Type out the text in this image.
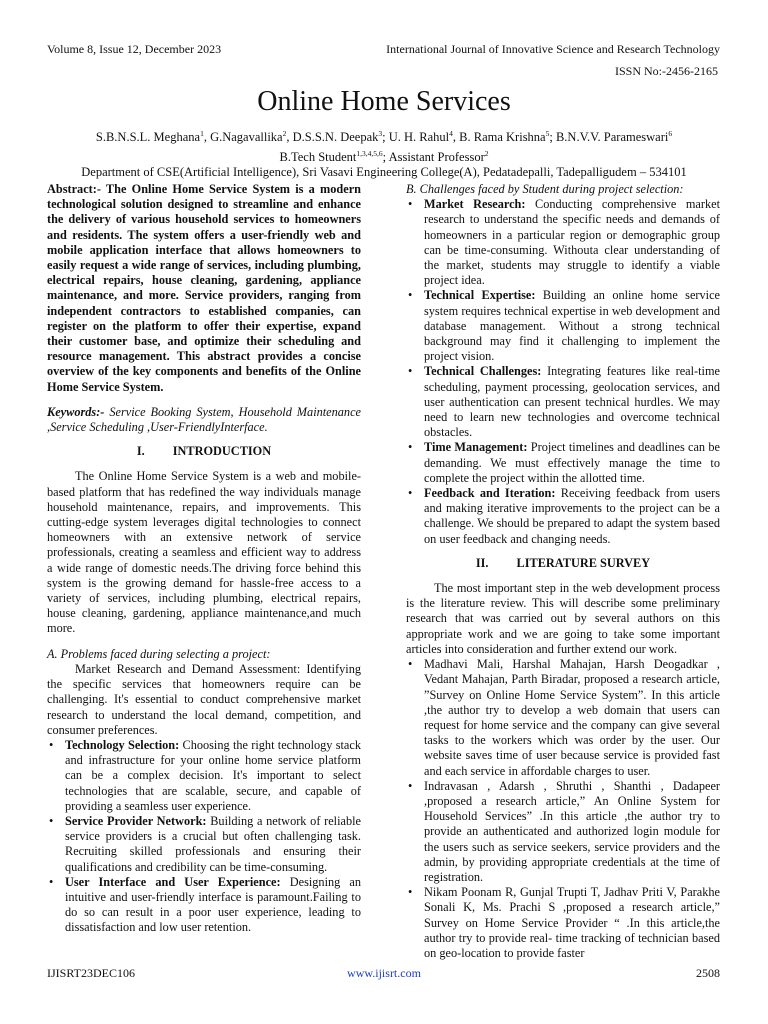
Volume 8, Issue 12, December 2023	International Journal of Innovative Science and Research Technology
ISSN No:-2456-2165
Online Home Services
S.B.N.S.L. Meghana$^1$, G.Nagavallika$^2$, D.S.S.N. Deepak$^3$; U. H. Rahul$^4$, B. Rama Krishna$^5$; B.N.V.V. Parameswari$^6$
B.Tech Student$^{1,3,4,5,6}$; Assistant Professor$^2$
Department of CSE(Artificial Intelligence), Sri Vasavi Engineering College(A), Pedatadepalli, Tadepalligudem – 534101

Abstract:- The Online Home Service System is a modern technological solution designed to streamline and enhance the delivery of various household services to homeowners and residents. The system offers a user-friendly web and mobile application interface that allows homeowners to easily request a wide range of services, including plumbing, electrical repairs, house cleaning, gardening, appliance maintenance, and more. Service providers, ranging from independent contractors to established companies, can register on the platform to offer their expertise, expand their customer base, and optimize their scheduling and resource management. This abstract provides a concise overview of the key components and benefits of the Online Home Service System.

Keywords:- Service Booking System, Household Maintenance ,Service Scheduling ,User-FriendlyInterface.

I. INTRODUCTION

The Online Home Service System is a web and mobile-based platform that has redefined the way individuals manage household maintenance, repairs, and improvements. This cutting-edge system leverages digital technologies to connect homeowners with an extensive network of service professionals, creating a seamless and efficient way to address a wide range of domestic needs.The driving force behind this system is the growing demand for hassle-free access to a variety of services, including plumbing, electrical repairs, house cleaning, gardening, appliance maintenance,and much more.

A. Problems faced during selecting a project:

Market Research and Demand Assessment: Identifying the specific services that homeowners require can be challenging. It's essential to conduct comprehensive market research to understand the local demand, competition, and consumer preferences.

• Technology Selection: Choosing the right technology stack and infrastructure for your online home service platform can be a complex decision. It's important to select technologies that are scalable, secure, and capable of providing a seamless user experience.
• Service Provider Network: Building a network of reliable service providers is a crucial but often challenging task. Recruiting skilled professionals and ensuring their qualifications and credibility can be time-consuming.
• User Interface and User Experience: Designing an intuitive and user-friendly interface is paramount.Failing to do so can result in a poor user experience, leading to dissatisfaction and low user retention.

B. Challenges faced by Student during project selection:

• Market Research: Conducting comprehensive market research to understand the specific needs and demands of homeowners in a particular region or demographic group can be time-consuming. Withouta clear understanding of the market, students may struggle to identify a viable project idea.
• Technical Expertise: Building an online home service system requires technical expertise in web development and database management. Without a strong technical background may find it challenging to implement the project vision.
• Technical Challenges: Integrating features like real-time scheduling, payment processing, geolocation services, and user authentication can present technical hurdles. We may need to learn new technologies and overcome technical obstacles.
• Time Management: Project timelines and deadlines can be demanding. We must effectively manage the time to complete the project within the allotted time.
• Feedback and Iteration: Receiving feedback from users and making iterative improvements to the project can be a challenge. We should be prepared to adapt the system based on user feedback and changing needs.

II. LITERATURE SURVEY

The most important step in the web development process is the literature review. This will describe some preliminary research that was carried out by several authors on this appropriate work and we are going to take some important articles into consideration and further extend our work.

• Madhavi Mali, Harshal Mahajan, Harsh Deogadkar , Vedant Mahajan, Parth Biradar, proposed a research article, ”Survey on Online Home Service System”. In this article ,the author try to develop a web domain that users can request for home service and the company can give several tasks to the workers which was order by the user. Our website saves time of user because service is provided fast and each service in affordable charges to user.
• Indravasan , Adarsh , Shruthi , Shanthi , Dadapeer ,proposed a research article,” An Online System for Household Services” .In this article ,the author try to provide an authenticated and authorized login module for the users such as service seekers, service providers and the admin, by providing appropriate credentials at the time of registration.
• Nikam Poonam R, Gunjal Trupti T, Jadhav Priti V, Parakhe Sonali K, Ms. Prachi S ,proposed a research article,” Survey on Home Service Provider “ .In this article,the author try to provide real- time tracking of technician based on geo-location to provide faster
IJISRT23DEC106	www.ijisrt.com	2508
